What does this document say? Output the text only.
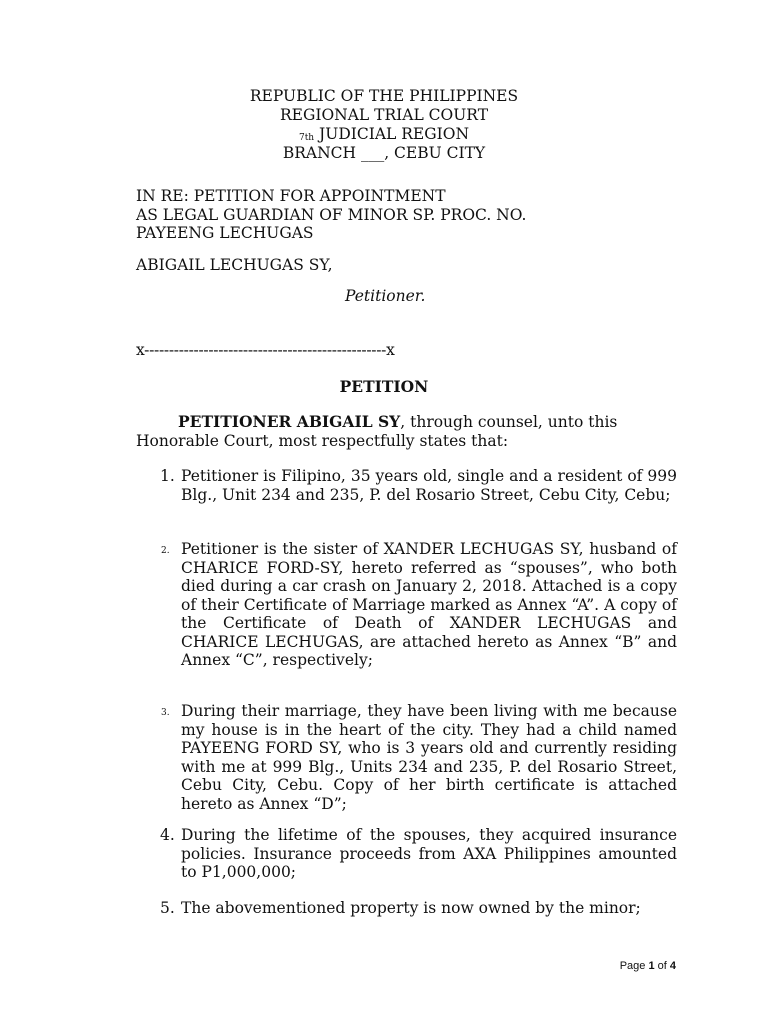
REPUBLIC OF THE PHILIPPINES
REGIONAL TRIAL COURT
$^{7th}$ JUDICIAL REGION
BRANCH ___, CEBU CITY
IN RE: PETITION FOR APPOINTMENT
AS LEGAL GUARDIAN OF MINOR SP. PROC. NO.
PAYEENG LECHUGAS
ABIGAIL LECHUGAS SY,
Petitioner.
x-------------------------------------------------x
PETITION
PETITIONER ABIGAIL SY, through counsel, unto this
Honorable Court, most respectfully states that:
1. Petitioner is Filipino, 35 years old, single and a resident of 999 Blg., Unit 234 and 235, P. del Rosario Street, Cebu City, Cebu;
2. Petitioner is the sister of XANDER LECHUGAS SY, husband of CHARICE FORD-SY, hereto referred as “spouses”, who both died during a car crash on January 2, 2018. Attached is a copy of their Certificate of Marriage marked as Annex “A”. A copy of the Certificate of Death of XANDER LECHUGAS and CHARICE LECHUGAS, are attached hereto as Annex “B” and Annex “C”, respectively;
3. During their marriage, they have been living with me because my house is in the heart of the city. They had a child named PAYEENG FORD SY, who is 3 years old and currently residing with me at 999 Blg., Units 234 and 235, P. del Rosario Street, Cebu City, Cebu. Copy of her birth certificate is attached hereto as Annex “D”;
4. During the lifetime of the spouses, they acquired insurance policies. Insurance proceeds from AXA Philippines amounted to P1,000,000;
5. The abovementioned property is now owned by the minor;
Page 1 of 4
